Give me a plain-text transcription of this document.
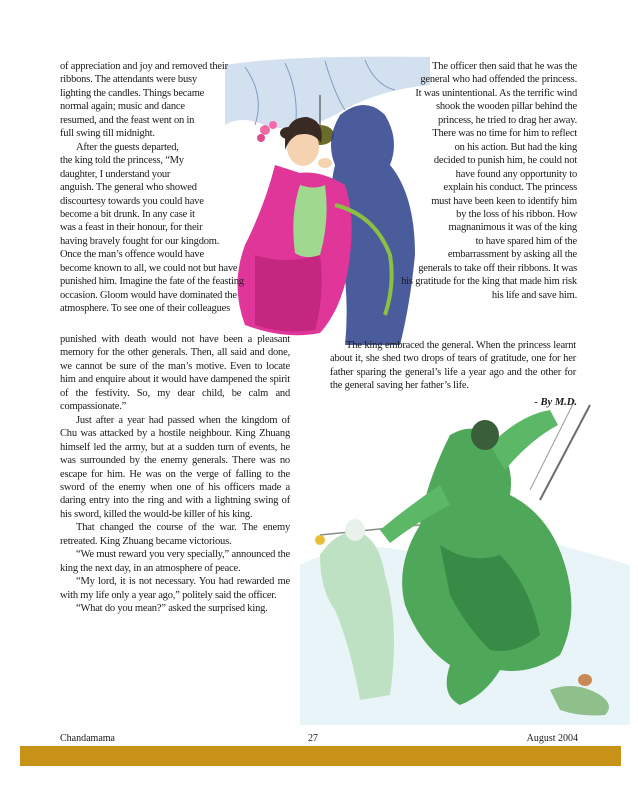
of appreciation and joy and removed their
ribbons. The attendants were busy
lighting the candles. Things became
normal again; music and dance
resumed, and the feast went on in
full swing till midnight.
After the guests departed,
the king told the princess, “My
daughter, I understand your
anguish. The general who showed
discourtesy towards you could have
become a bit drunk. In any case it
was a feast in their honour, for their
having bravely fought for our kingdom.
Once the man’s offence would have
become known to all, we could not but have
punished him. Imagine the fate of the feasting
occasion. Gloom would have dominated the
atmosphere. To see one of their colleagues

punished with death would not have been a pleasant memory for the other generals. Then, all said and done, we cannot be sure of the man’s motive. Even to locate him and enquire about it would have dampened the spirit of the festivity. So, my dear child, be calm and compassionate.”

Just after a year had passed when the kingdom of Chu was attacked by a hostile neighbour. King Zhuang himself led the army, but at a sudden turn of events, he was surrounded by the enemy generals. There was no escape for him. He was on the verge of falling to the sword of the enemy when one of his officers made a daring entry into the ring and with a lightning swing of his sword, killed the would-be killer of his king.

That changed the course of the war. The enemy retreated. King Zhuang became victorious.

“We must reward you very specially,” announced the king the next day, in an atmosphere of peace.

“My lord, it is not necessary. You had rewarded me with my life only a year ago,” politely said the officer.

“What do you mean?” asked the surprised king.

The officer then said that he was the
general who had offended the princess.
It was unintentional. As the terrific wind
shook the wooden pillar behind the
princess, he tried to drag her away.
There was no time for him to reflect
on his action. But had the king
decided to punish him, he could not
have found any opportunity to
explain his conduct. The princess
must have been keen to identify him
by the loss of his ribbon. How
magnanimous it was of the king
to have spared him of the
embarrassment by asking all the
generals to take off their ribbons. It was
his gratitude for the king that made him risk
his life and save him.

The king embraced the general. When the princess learnt about it, she shed two drops of tears of gratitude, one for her father sparing the general’s life a year ago and the other for the general saving her father’s life.

- By M.D.
Chandamama	27	August 2004
